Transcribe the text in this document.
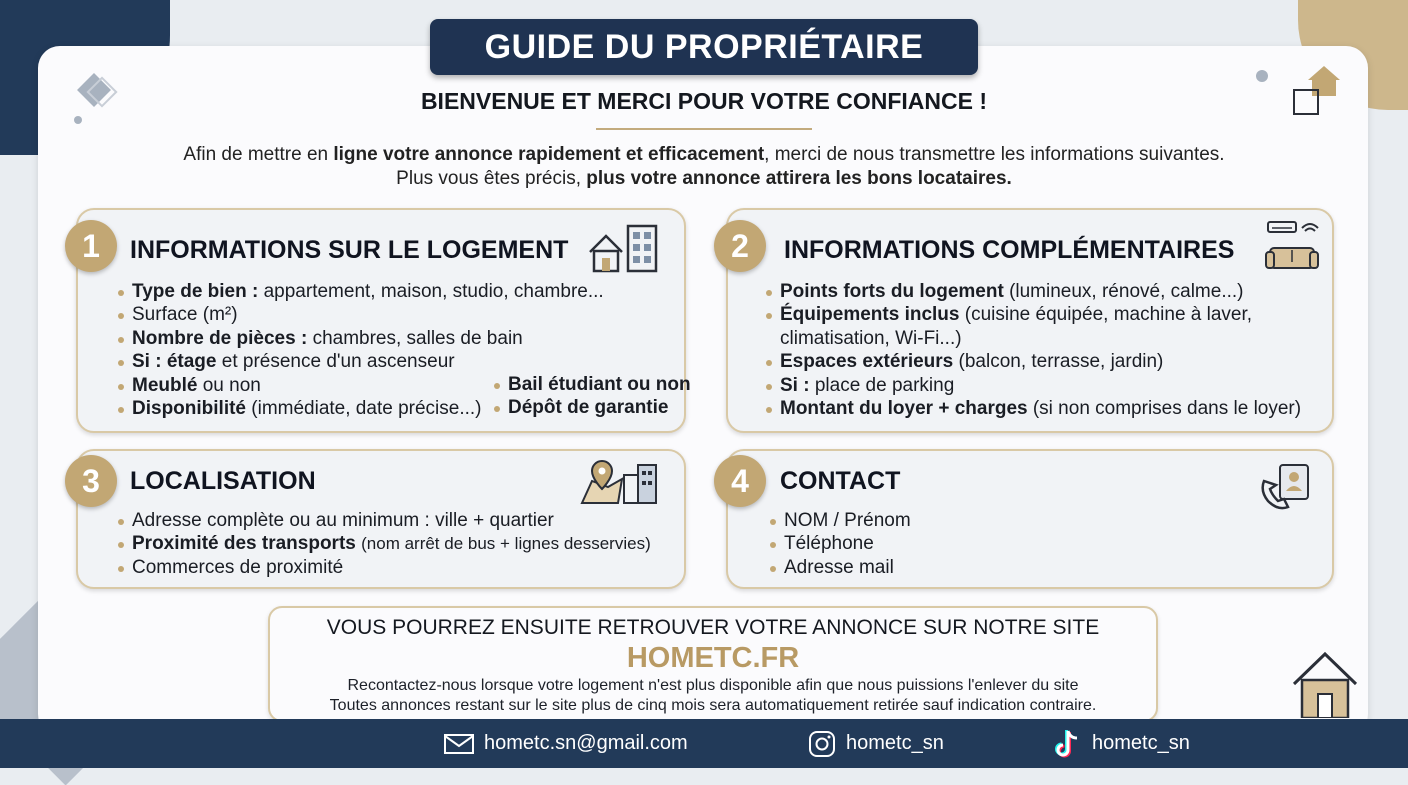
GUIDE DU PROPRIÉTAIRE
BIENVENUE ET MERCI POUR VOTRE CONFIANCE !
Afin de mettre en ligne votre annonce rapidement et efficacement, merci de nous transmettre les informations suivantes.
Plus vous êtes précis, plus votre annonce attirera les bons locataires.
INFORMATIONS SUR LE LOGEMENT
Type de bien : appartement, maison, studio, chambre...
Surface (m²)
Nombre de pièces : chambres, salles de bain
Si : étage et présence d'un ascenseur
Meublé ou non
Disponibilité (immédiate, date précise...)
Bail étudiant ou non
Dépôt de garantie
1	INFORMATIONS COMPLÉMENTAIRES
Points forts du logement (lumineux, rénové, calme...)
Équipements inclus (cuisine équipée, machine à laver,
climatisation, Wi-Fi...)
Espaces extérieurs (balcon, terrasse, jardin)
Si : place de parking
Montant du loyer + charges (si non comprises dans le loyer)
2
LOCALISATION
Adresse complète ou au minimum : ville + quartier
Proximité des transports (nom arrêt de bus + lignes desservies)
Commerces de proximité
3	CONTACT
NOM / Prénom
Téléphone
Adresse mail
4
VOUS POURREZ ENSUITE RETROUVER VOTRE ANNONCE SUR NOTRE SITE
HOMETC.FR
Recontactez-nous lorsque votre logement n'est plus disponible afin que nous puissions l'enlever du site
Toutes annonces restant sur le site plus de cinq mois sera automatiquement retirée sauf indication contraire.
hometc.sn@gmail.com	hometc_sn	hometc_sn
